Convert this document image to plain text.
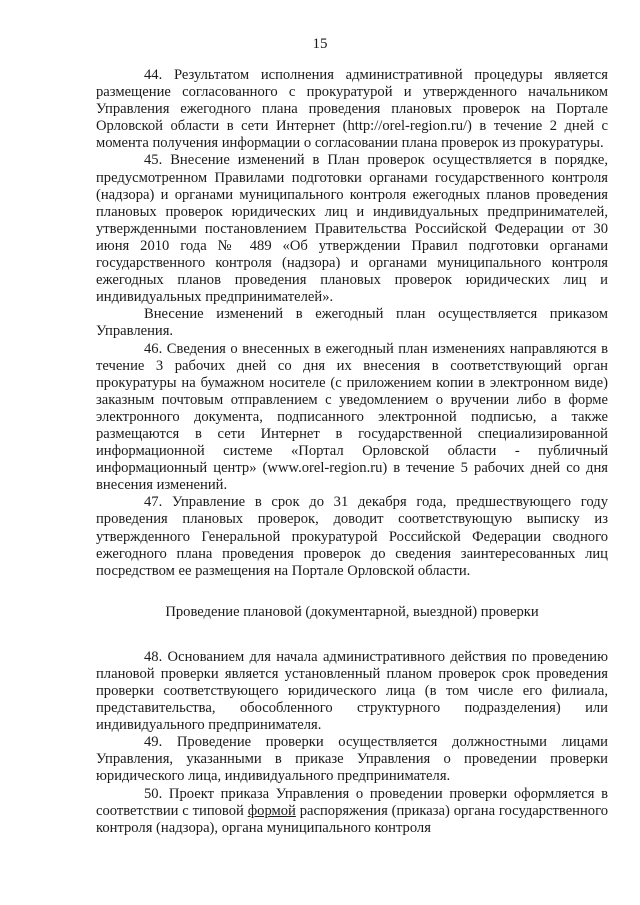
15

44. Результатом исполнения административной процедуры является размещение согласованного с прокуратурой и утвержденного начальником Управления ежегодного плана проведения плановых проверок на Портале Орловской области в сети Интернет (http://orel-region.ru/) в течение 2 дней с момента получения информации о согласовании плана проверок из прокуратуры.

45. Внесение изменений в План проверок осуществляется в порядке, предусмотренном Правилами подготовки органами государственного контроля (надзора) и органами муниципального контроля ежегодных планов проведения плановых проверок юридических лиц и индивидуальных предпринимателей, утвержденными постановлением Правительства Российской Федерации от 30 июня 2010 года № 489 «Об утверждении Правил подготовки органами государственного контроля (надзора) и органами муниципального контроля ежегодных планов проведения плановых проверок юридических лиц и индивидуальных предпринимателей».

Внесение изменений в ежегодный план осуществляется приказом Управления.

46. Сведения о внесенных в ежегодный план изменениях направляются в течение 3 рабочих дней со дня их внесения в соответствующий орган прокуратуры на бумажном носителе (с приложением копии в электронном виде) заказным почтовым отправлением с уведомлением о вручении либо в форме электронного документа, подписанного электронной подписью, а также размещаются в сети Интернет в государственной специализированной информационной системе «Портал Орловской области - публичный информационный центр» (www.orel-region.ru) в течение 5 рабочих дней со дня внесения изменений.

47. Управление в срок до 31 декабря года, предшествующего году проведения плановых проверок, доводит соответствующую выписку из утвержденного Генеральной прокуратурой Российской Федерации сводного ежегодного плана проведения проверок до сведения заинтересованных лиц посредством ее размещения на Портале Орловской области.

Проведение плановой (документарной, выездной) проверки

48. Основанием для начала административного действия по проведению плановой проверки является установленный планом проверок срок проведения проверки соответствующего юридического лица (в том числе его филиала, представительства, обособленного структурного подразделения) или индивидуального предпринимателя.

49. Проведение проверки осуществляется должностными лицами Управления, указанными в приказе Управления о проведении проверки юридического лица, индивидуального предпринимателя.

50. Проект приказа Управления о проведении проверки оформляется в соответствии с типовой формой распоряжения (приказа) органа государственного контроля (надзора), органа муниципального контроля
